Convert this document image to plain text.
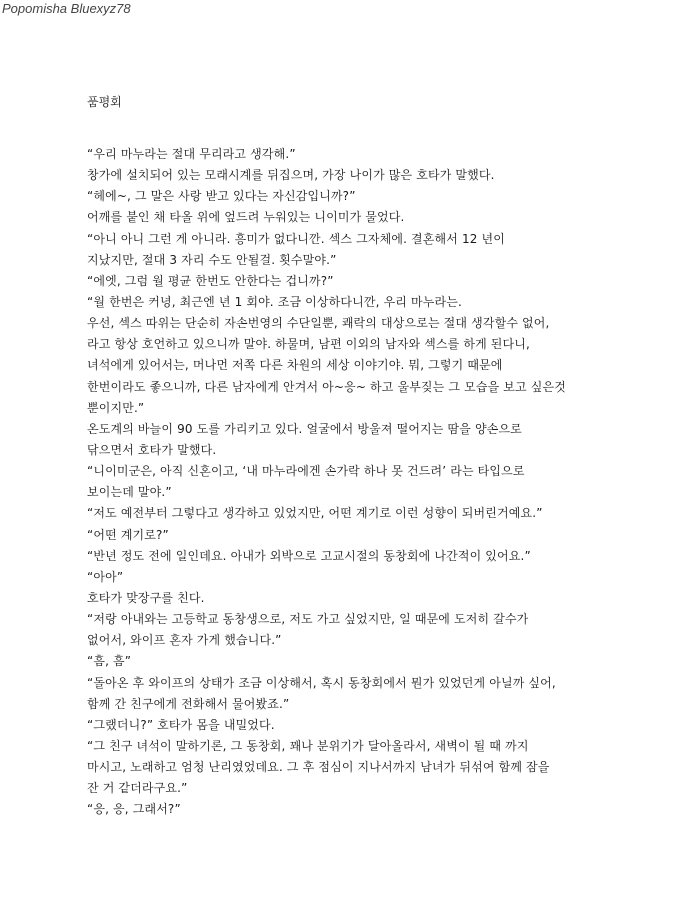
Popomisha Bluexyz78
품평회
“우리 마누라는 절대 무리라고 생각해.”
창가에 설치되어 있는 모래시계를 뒤집으며, 가장 나이가 많은 호타가 말했다.
“헤에~, 그 말은 사랑 받고 있다는 자신감입니까?”
어깨를 붙인 채 타올 위에 엎드려 누워있는 니이미가 물었다.
“아니 아니 그런 게 아니라. 흥미가 없다니깐. 섹스 그자체에. 결혼해서 12 년이
지났지만, 절대 3 자리 수도 안될걸. 횟수말야.”
“에엣, 그럼 월 평균 한번도 안한다는 겁니까?”
“월 한번은 커녕, 최근엔 년 1 회야. 조금 이상하다니깐, 우리 마누라는.
우선, 섹스 따위는 단순히 자손번영의 수단일뿐, 쾌락의 대상으로는 절대 생각할수 없어,
라고 항상 호언하고 있으니까 말야. 하물며, 남편 이외의 남자와 섹스를 하게 된다니,
녀석에게 있어서는, 머나먼 저쪽 다른 차원의 세상 이야기야. 뭐, 그렇기 때문에
한번이라도 좋으니까, 다른 남자에게 안겨서 아~응~ 하고 울부짖는 그 모습을 보고 싶은것
뿐이지만.”
온도계의 바늘이 90 도를 가리키고 있다. 얼굴에서 방울져 떨어지는 땀을 양손으로
닦으면서 호타가 말했다.
“니이미군은, 아직 신혼이고, ‘내 마누라에겐 손가락 하나 못 건드려’ 라는 타입으로
보이는데 말야.”
“저도 예전부터 그렇다고 생각하고 있었지만, 어떤 계기로 이런 성향이 되버린거예요.”
“어떤 계기로?”
“반년 정도 전에 일인데요. 아내가 외박으로 고교시절의 동창회에 나간적이 있어요.”
“아아”
호타가 맞장구를 친다.
“저랑 아내와는 고등학교 동창생으로, 저도 가고 싶었지만, 일 때문에 도저히 갈수가
없어서, 와이프 혼자 가게 했습니다.”
“흠, 흠”
“돌아온 후 와이프의 상태가 조금 이상해서, 혹시 동창회에서 뭔가 있었던게 아닐까 싶어,
함께 간 친구에게 전화해서 물어봤죠.”
“그랬더니?” 호타가 몸을 내밀었다.
“그 친구 녀석이 말하기론, 그 동창회, 꽤나 분위기가 달아올라서, 새벽이 될 때 까지
마시고, 노래하고 엄청 난리였었데요. 그 후 점심이 지나서까지 남녀가 뒤섞여 함께 잠을
잔 거 같더라구요.”
“응, 응, 그래서?”
